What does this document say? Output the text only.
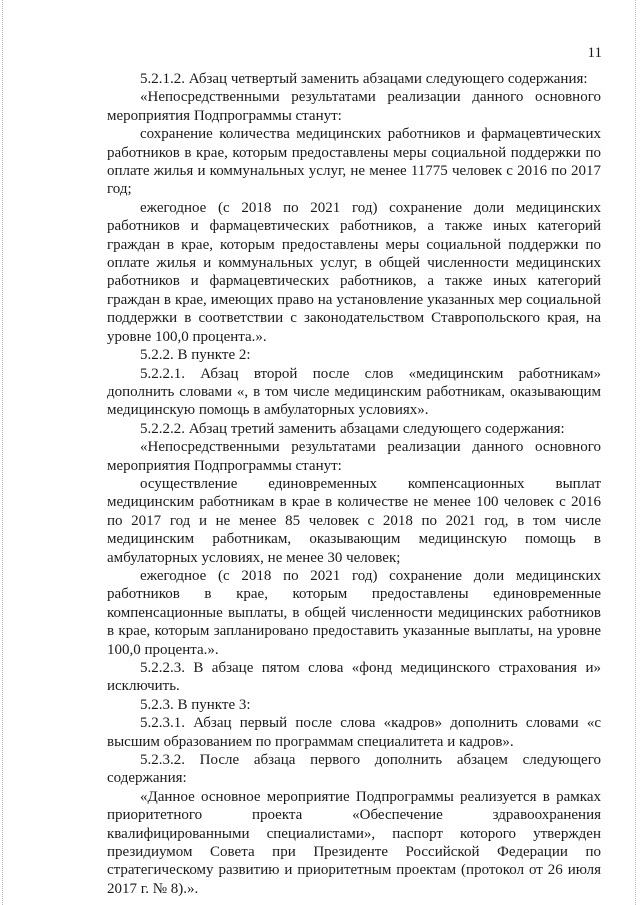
11

5.2.1.2. Абзац четвертый заменить абзацами следующего содержания:

«Непосредственными результатами реализации данного основного мероприятия Подпрограммы станут:

сохранение количества медицинских работников и фармацевтических работников в крае, которым предоставлены меры социальной поддержки по оплате жилья и коммунальных услуг, не менее 11775 человек с 2016 по 2017 год;

ежегодное (с 2018 по 2021 год) сохранение доли медицинских работников и фармацевтических работников, а также иных категорий граждан в крае, которым предоставлены меры социальной поддержки по оплате жилья и коммунальных услуг, в общей численности медицинских работников и фармацевтических работников, а также иных категорий граждан в крае, имеющих право на установление указанных мер социальной поддержки в соответствии с законодательством Ставропольского края, на уровне 100,0 процента.».

5.2.2. В пункте 2:

5.2.2.1. Абзац второй после слов «медицинским работникам» дополнить словами «, в том числе медицинским работникам, оказывающим медицинскую помощь в амбулаторных условиях».

5.2.2.2. Абзац третий заменить абзацами следующего содержания:

«Непосредственными результатами реализации данного основного мероприятия Подпрограммы станут:

осуществление единовременных компенсационных выплат медицинским работникам в крае в количестве не менее 100 человек с 2016 по 2017 год и не менее 85 человек с 2018 по 2021 год, в том числе медицинским работникам, оказывающим медицинскую помощь в амбулаторных условиях, не менее 30 человек;

ежегодное (с 2018 по 2021 год) сохранение доли медицинских работников в крае, которым предоставлены единовременные компенсационные выплаты, в общей численности медицинских работников в крае, которым запланировано предоставить указанные выплаты, на уровне 100,0 процента.».

5.2.2.3. В абзаце пятом слова «фонд медицинского страхования и» исключить.

5.2.3. В пункте 3:

5.2.3.1. Абзац первый после слова «кадров» дополнить словами «с высшим образованием по программам специалитета и кадров».

5.2.3.2. После абзаца первого дополнить абзацем следующего содержания:

«Данное основное мероприятие Подпрограммы реализуется в рамках приоритетного проекта «Обеспечение здравоохранения квалифицированными специалистами», паспорт которого утвержден президиумом Совета при Президенте Российской Федерации по стратегическому развитию и приоритетным проектам (протокол от 26 июля 2017 г. № 8).».
